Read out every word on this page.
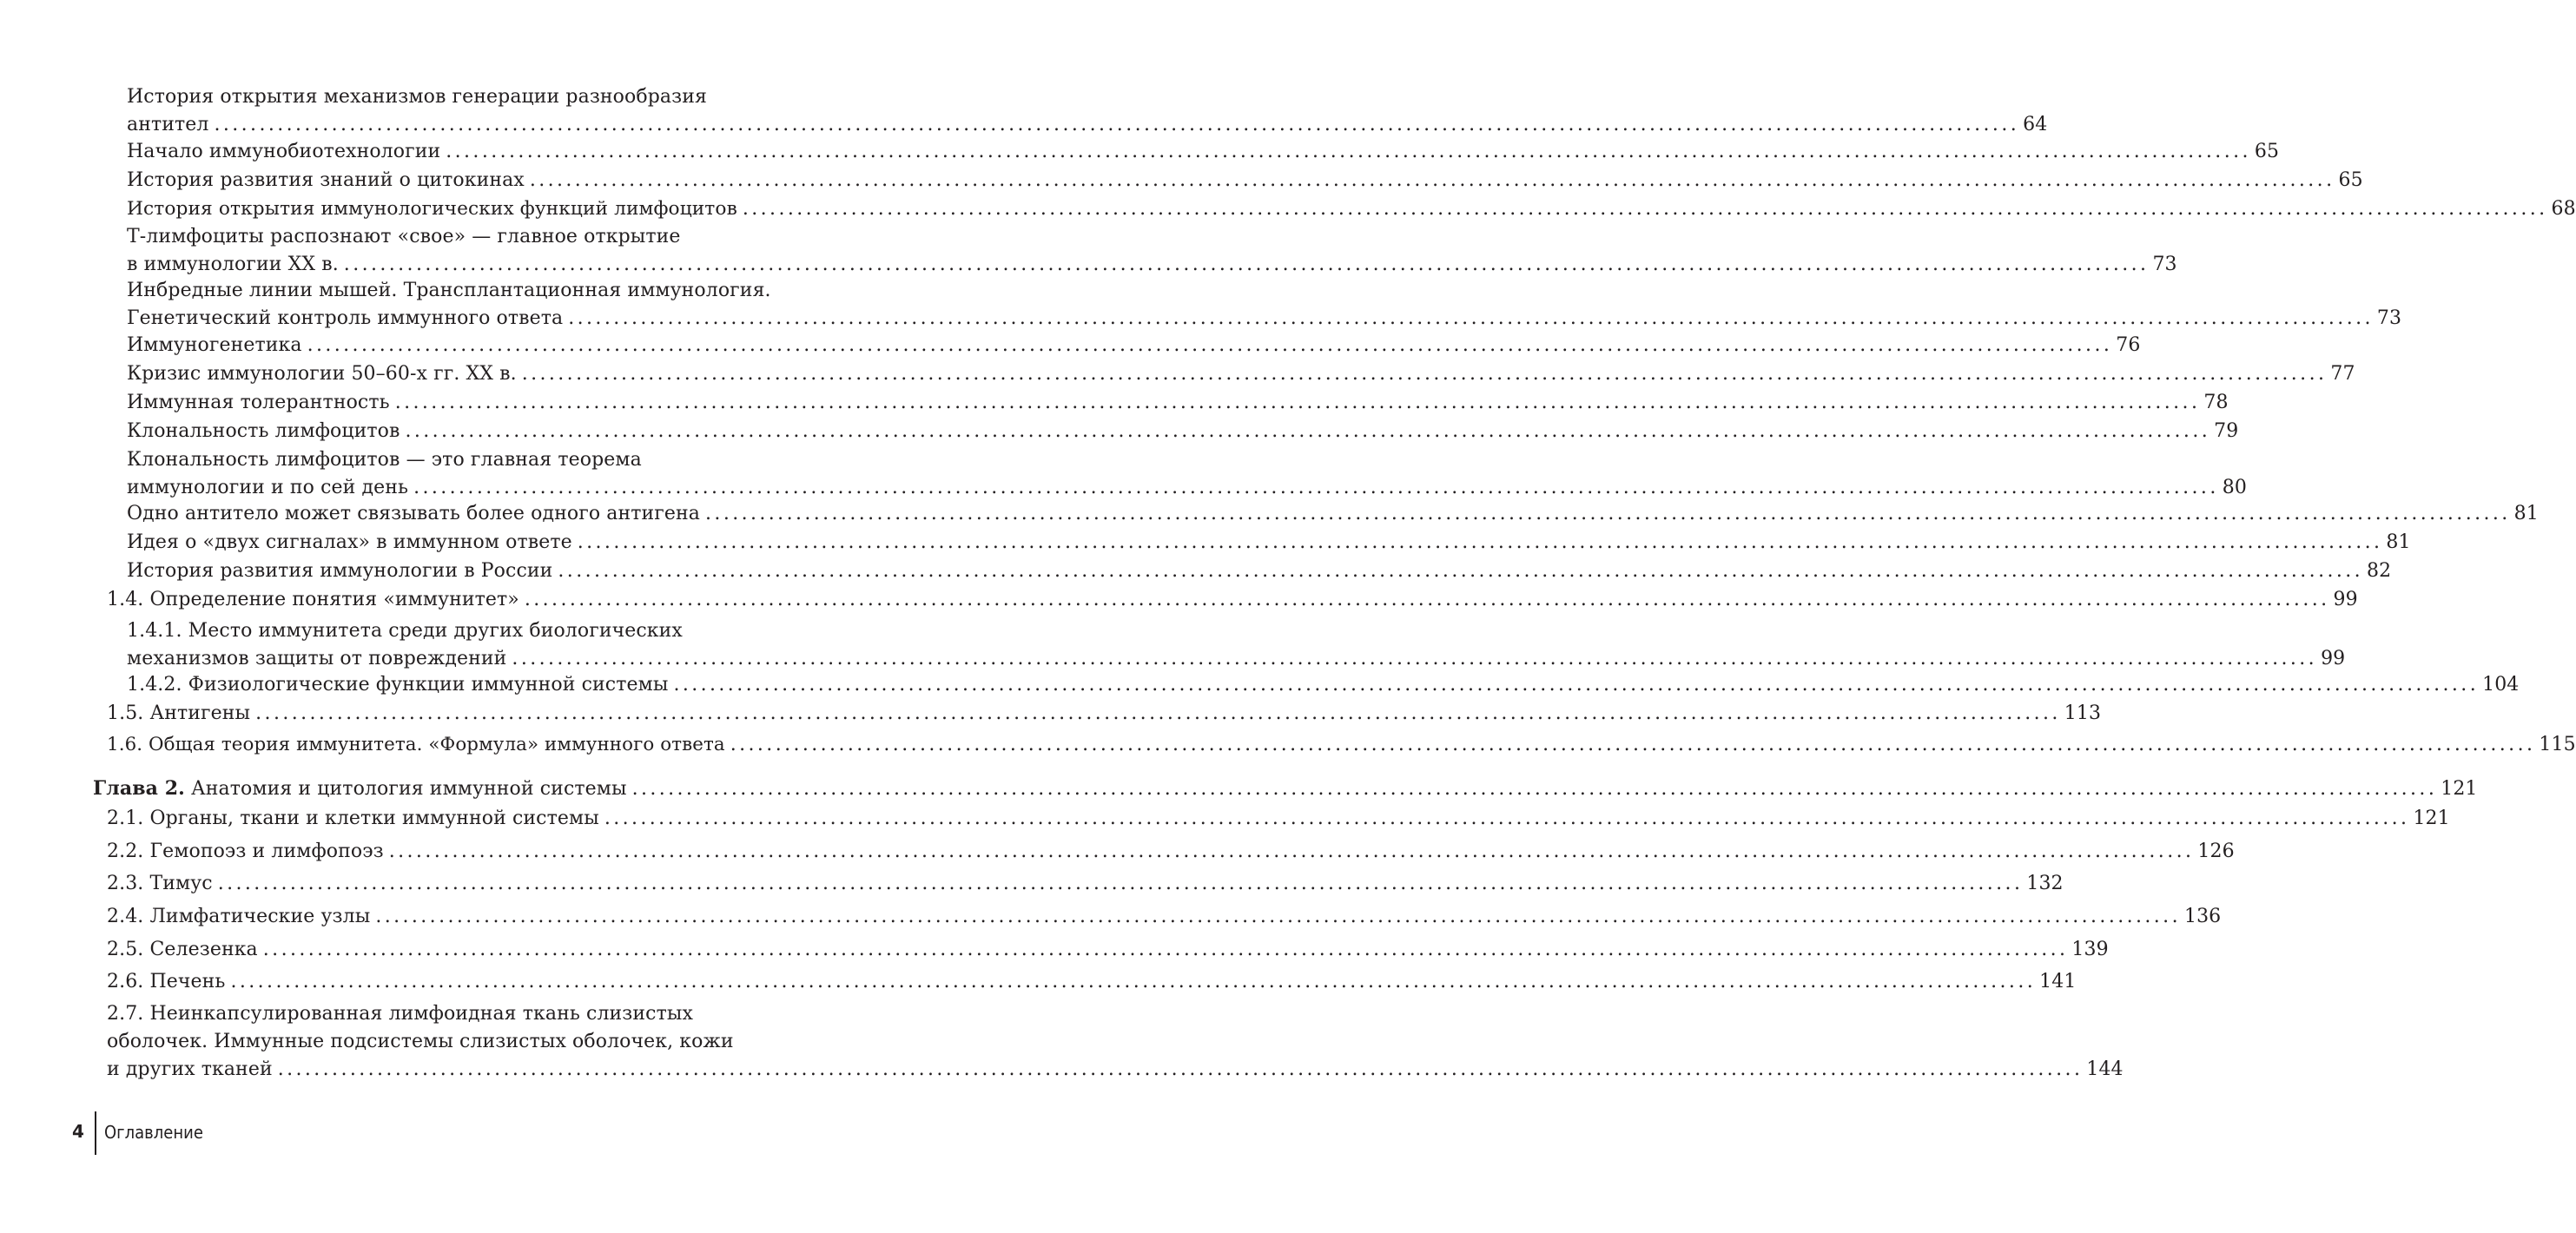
История открытия механизмов генерации разнообразия
антител ........................................................................................................................................................................................................ 64
Начало иммунобиотехнологии ........................................................................................................................................................................................................ 65
История развития знаний о цитокинах ........................................................................................................................................................................................................ 65
История открытия иммунологических функций лимфоцитов ........................................................................................................................................................................................................ 68
Т-лимфоциты распознают «свое» — главное открытие
в иммунологии XX в. ........................................................................................................................................................................................................ 73
Инбредные линии мышей. Трансплантационная иммунология.
Генетический контроль иммунного ответа ........................................................................................................................................................................................................ 73
Иммуногенетика ........................................................................................................................................................................................................ 76
Кризис иммунологии 50–60-х гг. XX в. ........................................................................................................................................................................................................ 77
Иммунная толерантность ........................................................................................................................................................................................................ 78
Клональность лимфоцитов ........................................................................................................................................................................................................ 79
Клональность лимфоцитов — это главная теорема
иммунологии и по сей день ........................................................................................................................................................................................................ 80
Одно антитело может связывать более одного антигена ........................................................................................................................................................................................................ 81
Идея о «двух сигналах» в иммунном ответе ........................................................................................................................................................................................................ 81
История развития иммунологии в России ........................................................................................................................................................................................................ 82
1.4. Определение понятия «иммунитет» ........................................................................................................................................................................................................ 99
1.4.1. Место иммунитета среди других биологических
механизмов защиты от повреждений ........................................................................................................................................................................................................ 99
1.4.2. Физиологические функции иммунной системы ........................................................................................................................................................................................................ 104
1.5. Антигены ........................................................................................................................................................................................................ 113
1.6. Общая теория иммунитета. «Формула» иммунного ответа ........................................................................................................................................................................................................ 115
Глава 2. Анатомия и цитология иммунной системы ........................................................................................................................................................................................................ 121
2.1. Органы, ткани и клетки иммунной системы ........................................................................................................................................................................................................ 121
2.2. Гемопоэз и лимфопоэз ........................................................................................................................................................................................................ 126
2.3. Тимус ........................................................................................................................................................................................................ 132
2.4. Лимфатические узлы ........................................................................................................................................................................................................ 136
2.5. Селезенка ........................................................................................................................................................................................................ 139
2.6. Печень ........................................................................................................................................................................................................ 141
2.7. Неинкапсулированная лимфоидная ткань слизистых
оболочек. Иммунные подсистемы слизистых оболочек, кожи
и других тканей ........................................................................................................................................................................................................ 144
4 Оглавление
